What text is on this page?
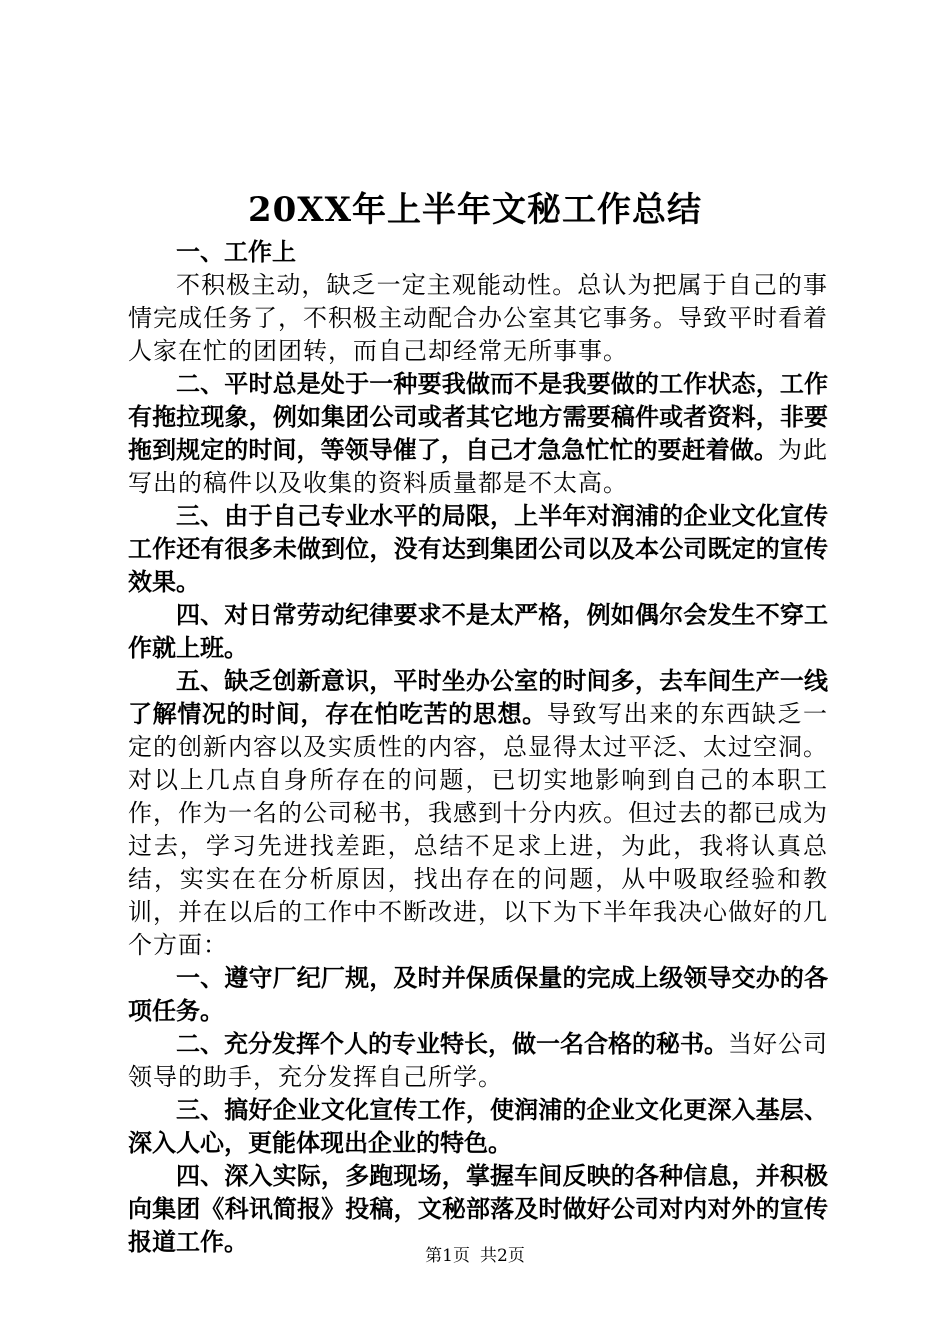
20XX年上半年文秘工作总结

一、工作上

不积极主动，缺乏一定主观能动性。总认为把属于自己的事情完成任务了，不积极主动配合办公室其它事务。导致平时看着人家在忙的团团转，而自己却经常无所事事。

二、平时总是处于一种要我做而不是我要做的工作状态，工作有拖拉现象，例如集团公司或者其它地方需要稿件或者资料，非要拖到规定的时间，等领导催了，自己才急急忙忙的要赶着做。为此写出的稿件以及收集的资料质量都是不太高。

三、由于自己专业水平的局限，上半年对润浦的企业文化宣传工作还有很多未做到位，没有达到集团公司以及本公司既定的宣传效果。

四、对日常劳动纪律要求不是太严格，例如偶尔会发生不穿工作就上班。

五、缺乏创新意识，平时坐办公室的时间多，去车间生产一线了解情况的时间，存在怕吃苦的思想。导致写出来的东西缺乏一定的创新内容以及实质性的内容，总显得太过平泛、太过空洞。对以上几点自身所存在的问题，已切实地影响到自己的本职工作，作为一名的公司秘书，我感到十分内疚。但过去的都已成为过去，学习先进找差距，总结不足求上进，为此，我将认真总结，实实在在分析原因，找出存在的问题，从中吸取经验和教训，并在以后的工作中不断改进，以下为下半年我决心做好的几个方面：

一、遵守厂纪厂规，及时并保质保量的完成上级领导交办的各项任务。

二、充分发挥个人的专业特长，做一名合格的秘书。当好公司领导的助手，充分发挥自己所学。

三、搞好企业文化宣传工作，使润浦的企业文化更深入基层、深入人心，更能体现出企业的特色。

四、深入实际，多跑现场，掌握车间反映的各种信息，并积极向集团《科讯简报》投稿，文秘部落及时做好公司对内对外的宣传报道工作。	第1页 共2页
